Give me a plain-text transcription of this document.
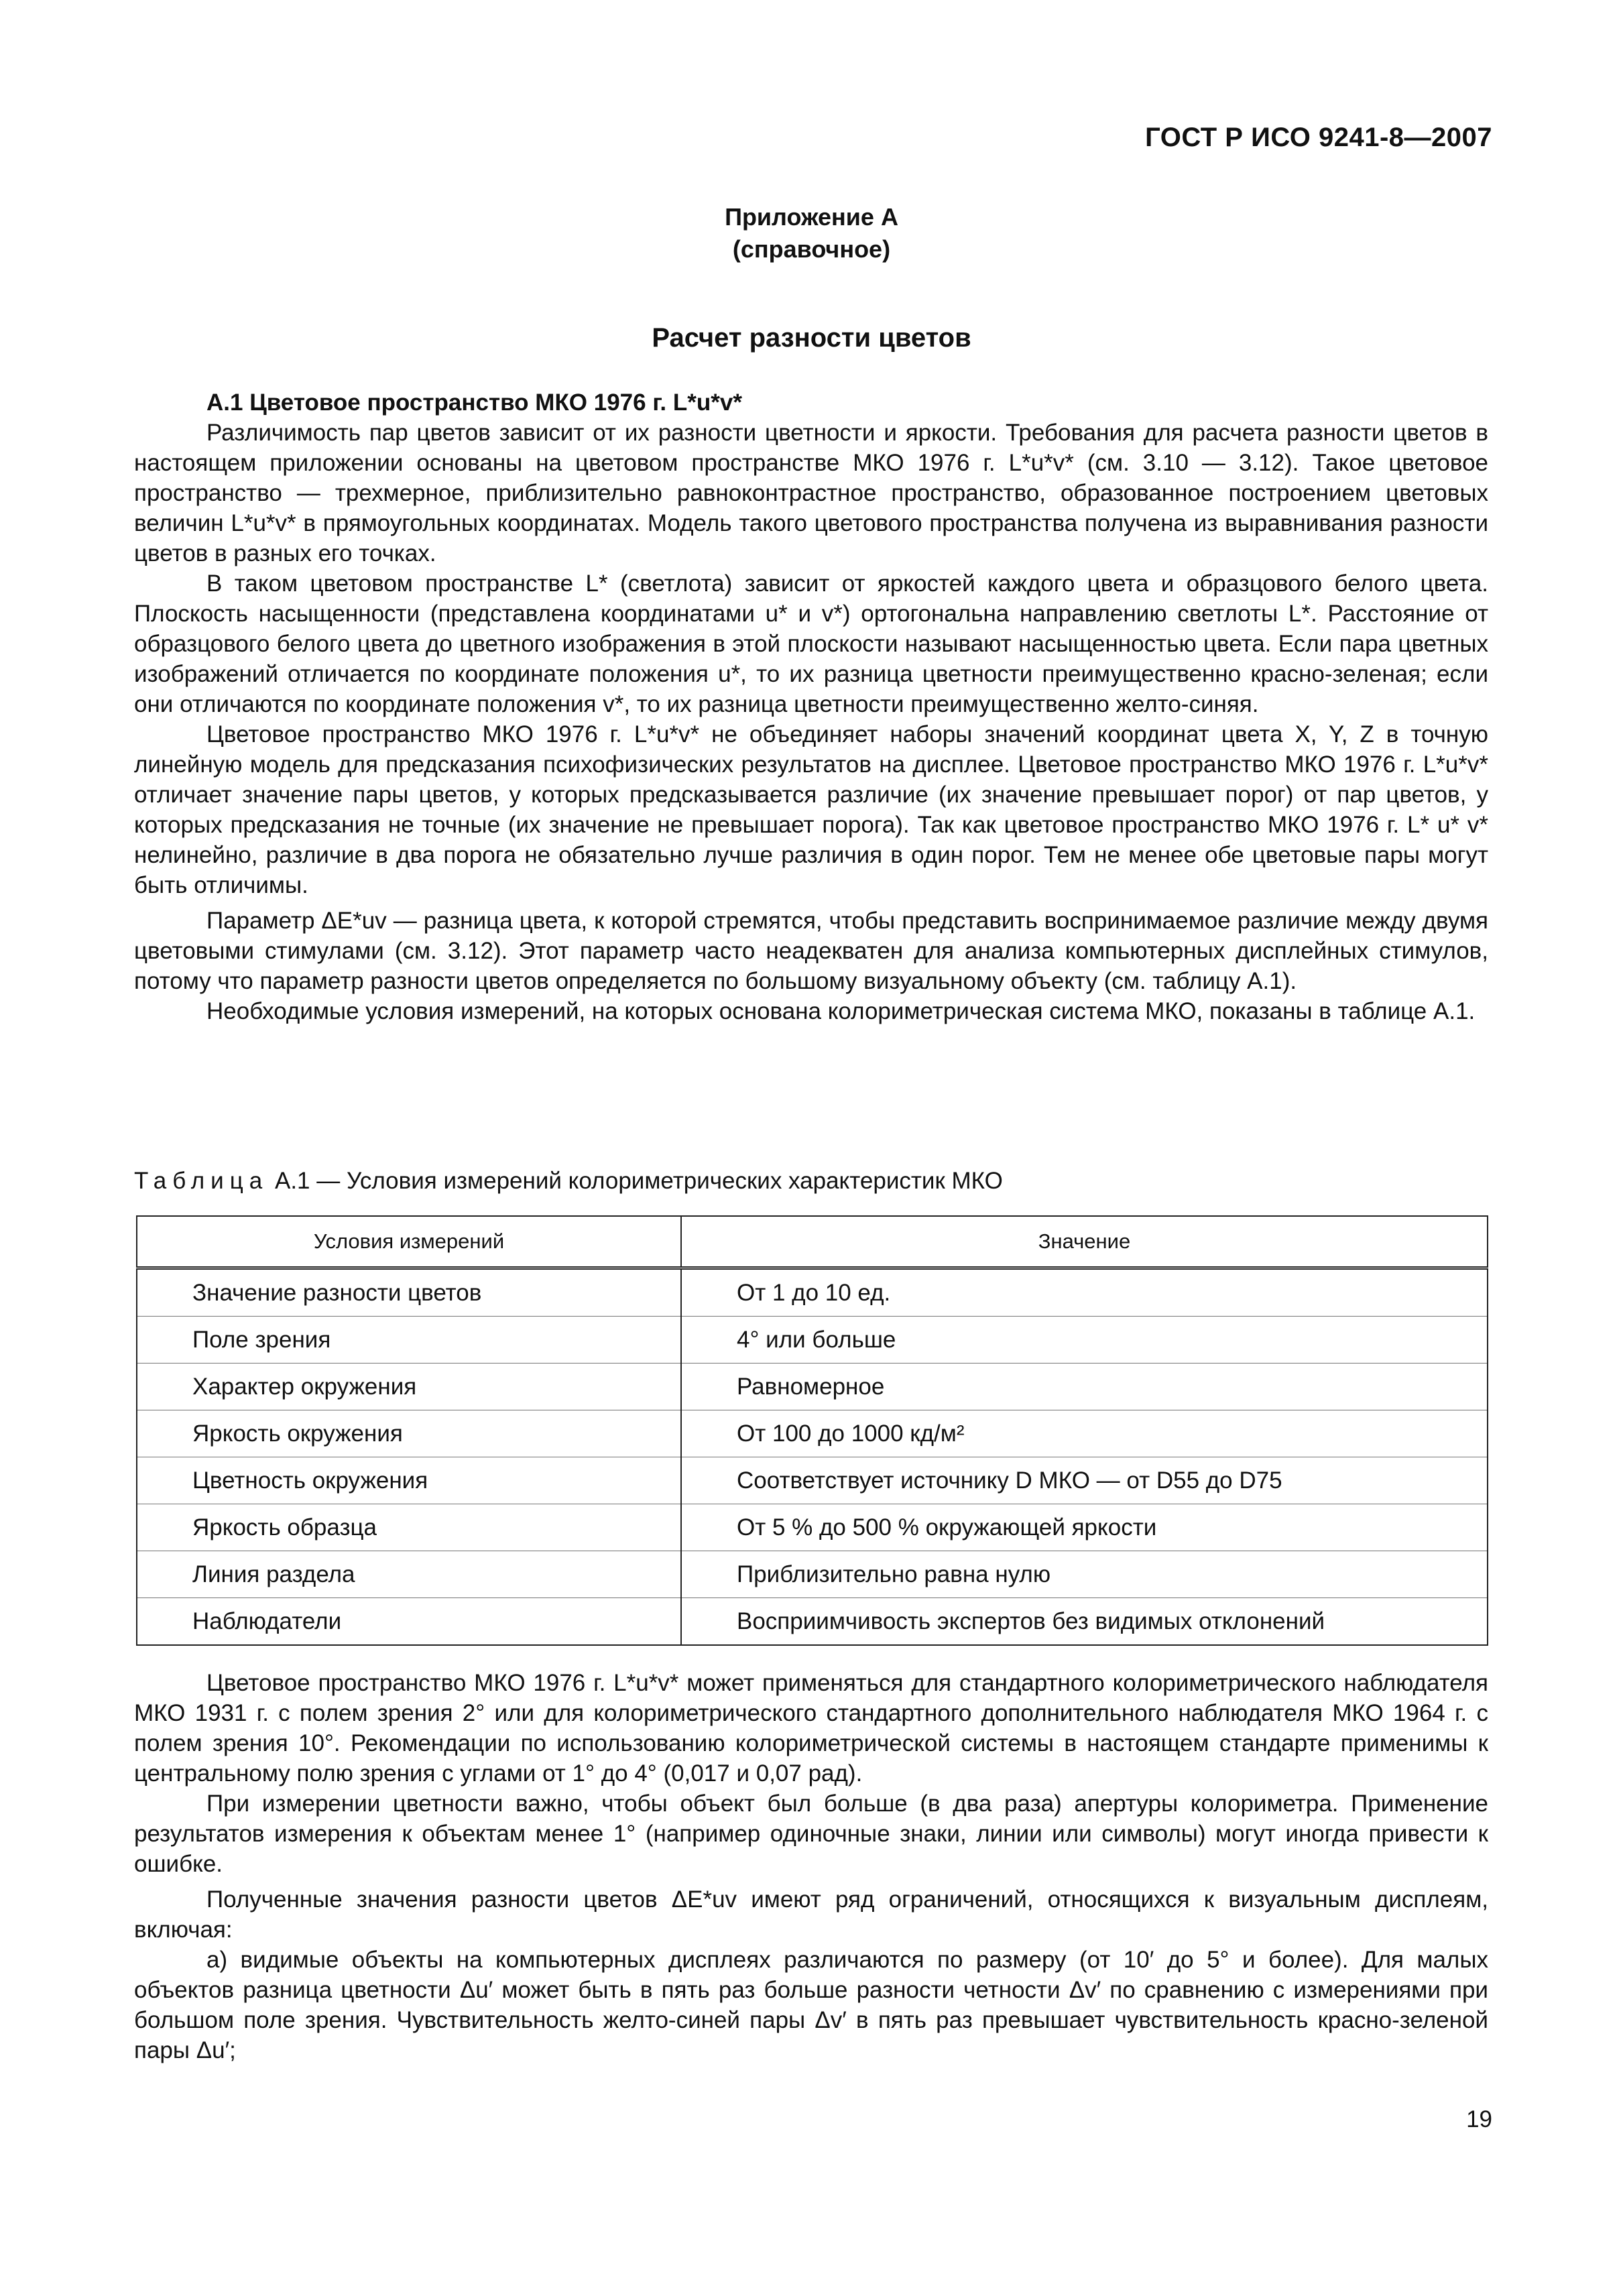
ГОСТ Р ИСО 9241-8—2007
Приложение А
(справочное)
Расчет разности цветов

А.1 Цветовое пространство МКО 1976 г. L*u*v*

Различимость пар цветов зависит от их разности цветности и яркости. Требования для расчета разности цветов в настоящем приложении основаны на цветовом пространстве МКО 1976 г. L*u*v* (см. 3.10 — 3.12). Такое цветовое пространство — трехмерное, приблизительно равноконтрастное пространство, образованное построением цветовых величин L*u*v* в прямоугольных координатах. Модель такого цветового пространства получена из выравнивания разности цветов в разных его точках.

В таком цветовом пространстве L* (светлота) зависит от яркостей каждого цвета и образцового белого цвета. Плоскость насыщенности (представлена координатами u* и v*) ортогональна направлению светлоты L*. Расстояние от образцового белого цвета до цветного изображения в этой плоскости называют насыщенностью цвета. Если пара цветных изображений отличается по координате положения u*, то их разница цветности преимущественно красно-зеленая; если они отличаются по координате положения v*, то их разница цветности преимущественно желто-синяя.

Цветовое пространство МКО 1976 г. L*u*v* не объединяет наборы значений координат цвета X, Y, Z в точную линейную модель для предсказания психофизических результатов на дисплее. Цветовое пространство МКО 1976 г. L*u*v* отличает значение пары цветов, у которых предсказывается различие (их значение превышает порог) от пар цветов, у которых предсказания не точные (их значение не превышает порога). Так как цветовое пространство МКО 1976 г. L* u* v* нелинейно, различие в два порога не обязательно лучше различия в один порог. Тем не менее обе цветовые пары могут быть отличимы.

Параметр ΔE*uv — разница цвета, к которой стремятся, чтобы представить воспринимаемое различие между двумя цветовыми стимулами (см. 3.12). Этот параметр часто неадекватен для анализа компьютерных дисплейных стимулов, потому что параметр разности цветов определяется по большому визуальному объекту (см. таблицу А.1).

Необходимые условия измерений, на которых основана колориметрическая система МКО, показаны в таблице А.1.

Таблица А.1 — Условия измерений колориметрических характеристик МКО
Условия измерений	Значение
Значение разности цветов	От 1 до 10 ед.
Поле зрения	4° или больше
Характер окружения	Равномерное
Яркость окружения	От 100 до 1000 кд/м²
Цветность окружения	Соответствует источнику D МКО — от D55 до D75
Яркость образца	От 5 % до 500 % окружающей яркости
Линия раздела	Приблизительно равна нулю
Наблюдатели	Восприимчивость экспертов без видимых отклонений

Цветовое пространство МКО 1976 г. L*u*v* может применяться для стандартного колориметрического наблюдателя МКО 1931 г. с полем зрения 2° или для колориметрического стандартного дополнительного наблюдателя МКО 1964 г. с полем зрения 10°. Рекомендации по использованию колориметрической системы в настоящем стандарте применимы к центральному полю зрения с углами от 1° до 4° (0,017 и 0,07 рад).

При измерении цветности важно, чтобы объект был больше (в два раза) апертуры колориметра. Применение результатов измерения к объектам менее 1° (например одиночные знаки, линии или символы) могут иногда привести к ошибке.

Полученные значения разности цветов ΔE*uv имеют ряд ограничений, относящихся к визуальным дисплеям, включая:

а) видимые объекты на компьютерных дисплеях различаются по размеру (от 10′ до 5° и более). Для малых объектов разница цветности Δu′ может быть в пять раз больше разности четности Δv′ по сравнению с измерениями при большом поле зрения. Чувствительность желто-синей пары Δv′ в пять раз превышает чувствительность красно-зеленой пары Δu′;

19
